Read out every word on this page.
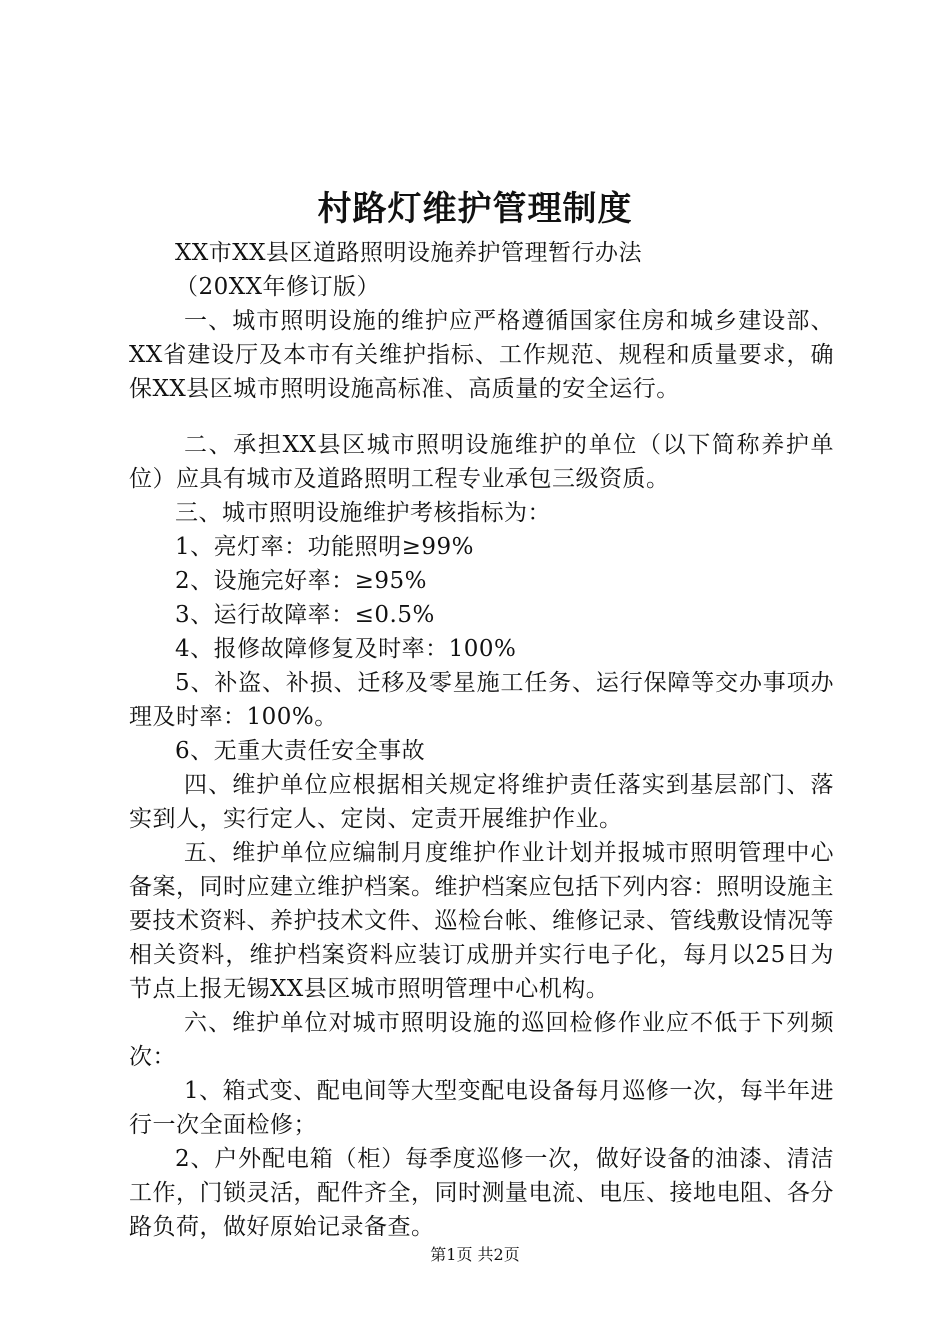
村路灯维护管理制度

XX市XX县区道路照明设施养护管理暂行办法

（20XX年修订版）

一、城市照明设施的维护应严格遵循国家住房和城乡建设部、XX省建设厅及本市有关维护指标、工作规范、规程和质量要求，确保XX县区城市照明设施高标准、高质量的安全运行。

二、承担XX县区城市照明设施维护的单位（以下简称养护单位）应具有城市及道路照明工程专业承包三级资质。

三、城市照明设施维护考核指标为：

1、亮灯率：功能照明≥99%

2、设施完好率：≥95%

3、运行故障率：≤0.5%

4、报修故障修复及时率：100%

5、补盗、补损、迁移及零星施工任务、运行保障等交办事项办理及时率：100%。

6、无重大责任安全事故

四、维护单位应根据相关规定将维护责任落实到基层部门、落实到人，实行定人、定岗、定责开展维护作业。

五、维护单位应编制月度维护作业计划并报城市照明管理中心备案，同时应建立维护档案。维护档案应包括下列内容：照明设施主要技术资料、养护技术文件、巡检台帐、维修记录、管线敷设情况等相关资料，维护档案资料应装订成册并实行电子化，每月以25日为节点上报无锡XX县区城市照明管理中心机构。

六、维护单位对城市照明设施的巡回检修作业应不低于下列频次：

1、箱式变、配电间等大型变配电设备每月巡修一次，每半年进行一次全面检修；

2、户外配电箱（柜）每季度巡修一次，做好设备的油漆、清洁工作，门锁灵活，配件齐全，同时测量电流、电压、接地电阻、各分路负荷，做好原始记录备查。

第1页 共2页
